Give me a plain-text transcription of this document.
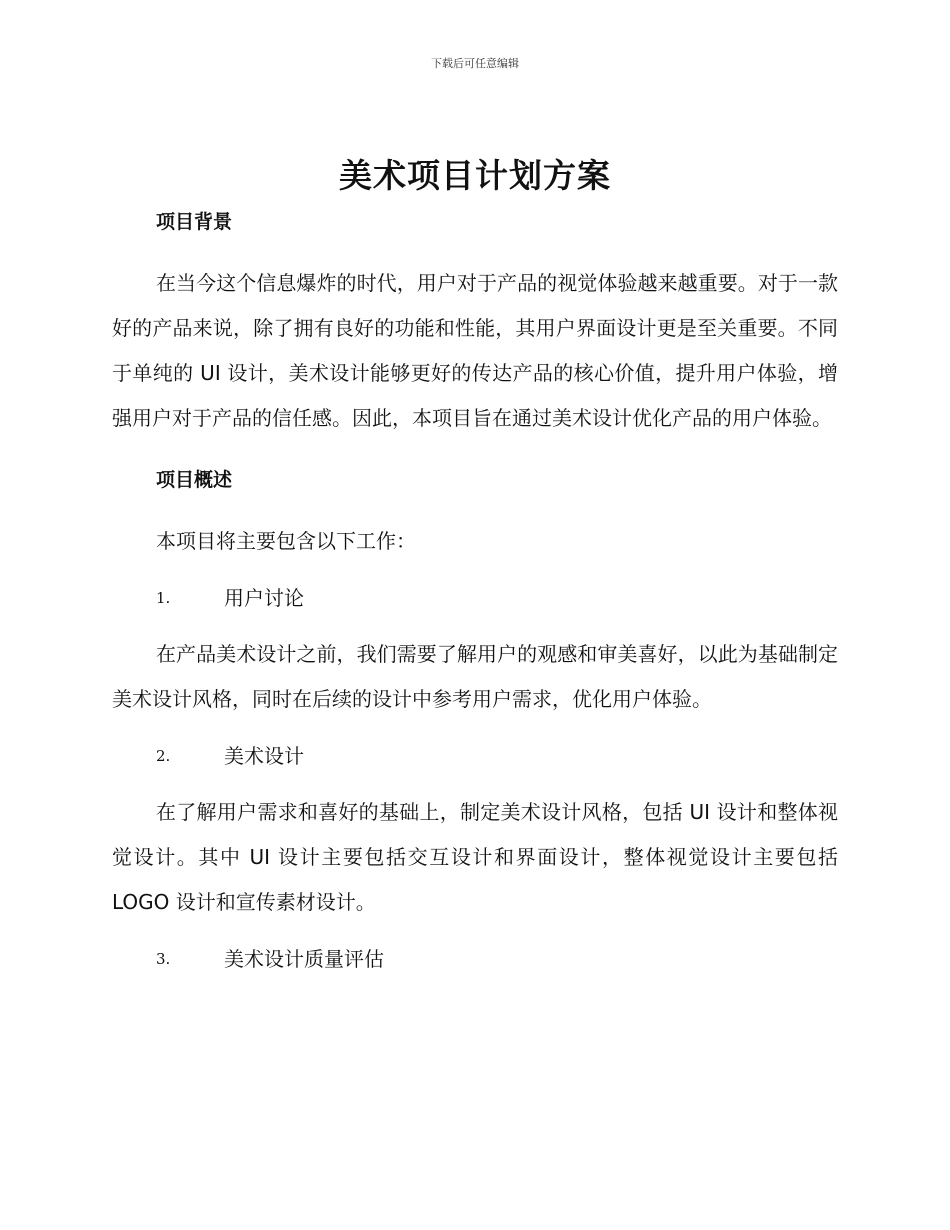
下载后可任意编辑
美术项目计划方案
项目背景

在当今这个信息爆炸的时代，用户对于产品的视觉体验越来越重要。对于一款好的产品来说，除了拥有良好的功能和性能，其用户界面设计更是至关重要。不同于单纯的 UI 设计，美术设计能够更好的传达产品的核心价值，提升用户体验，增强用户对于产品的信任感。因此，本项目旨在通过美术设计优化产品的用户体验。

项目概述

本项目将主要包含以下工作：

1.	用户讨论

在产品美术设计之前，我们需要了解用户的观感和审美喜好，以此为基础制定美术设计风格，同时在后续的设计中参考用户需求，优化用户体验。

2.	美术设计

在了解用户需求和喜好的基础上，制定美术设计风格，包括 UI 设计和整体视觉设计。其中 UI 设计主要包括交互设计和界面设计，整体视觉设计主要包括 LOGO 设计和宣传素材设计。

3.	美术设计质量评估
